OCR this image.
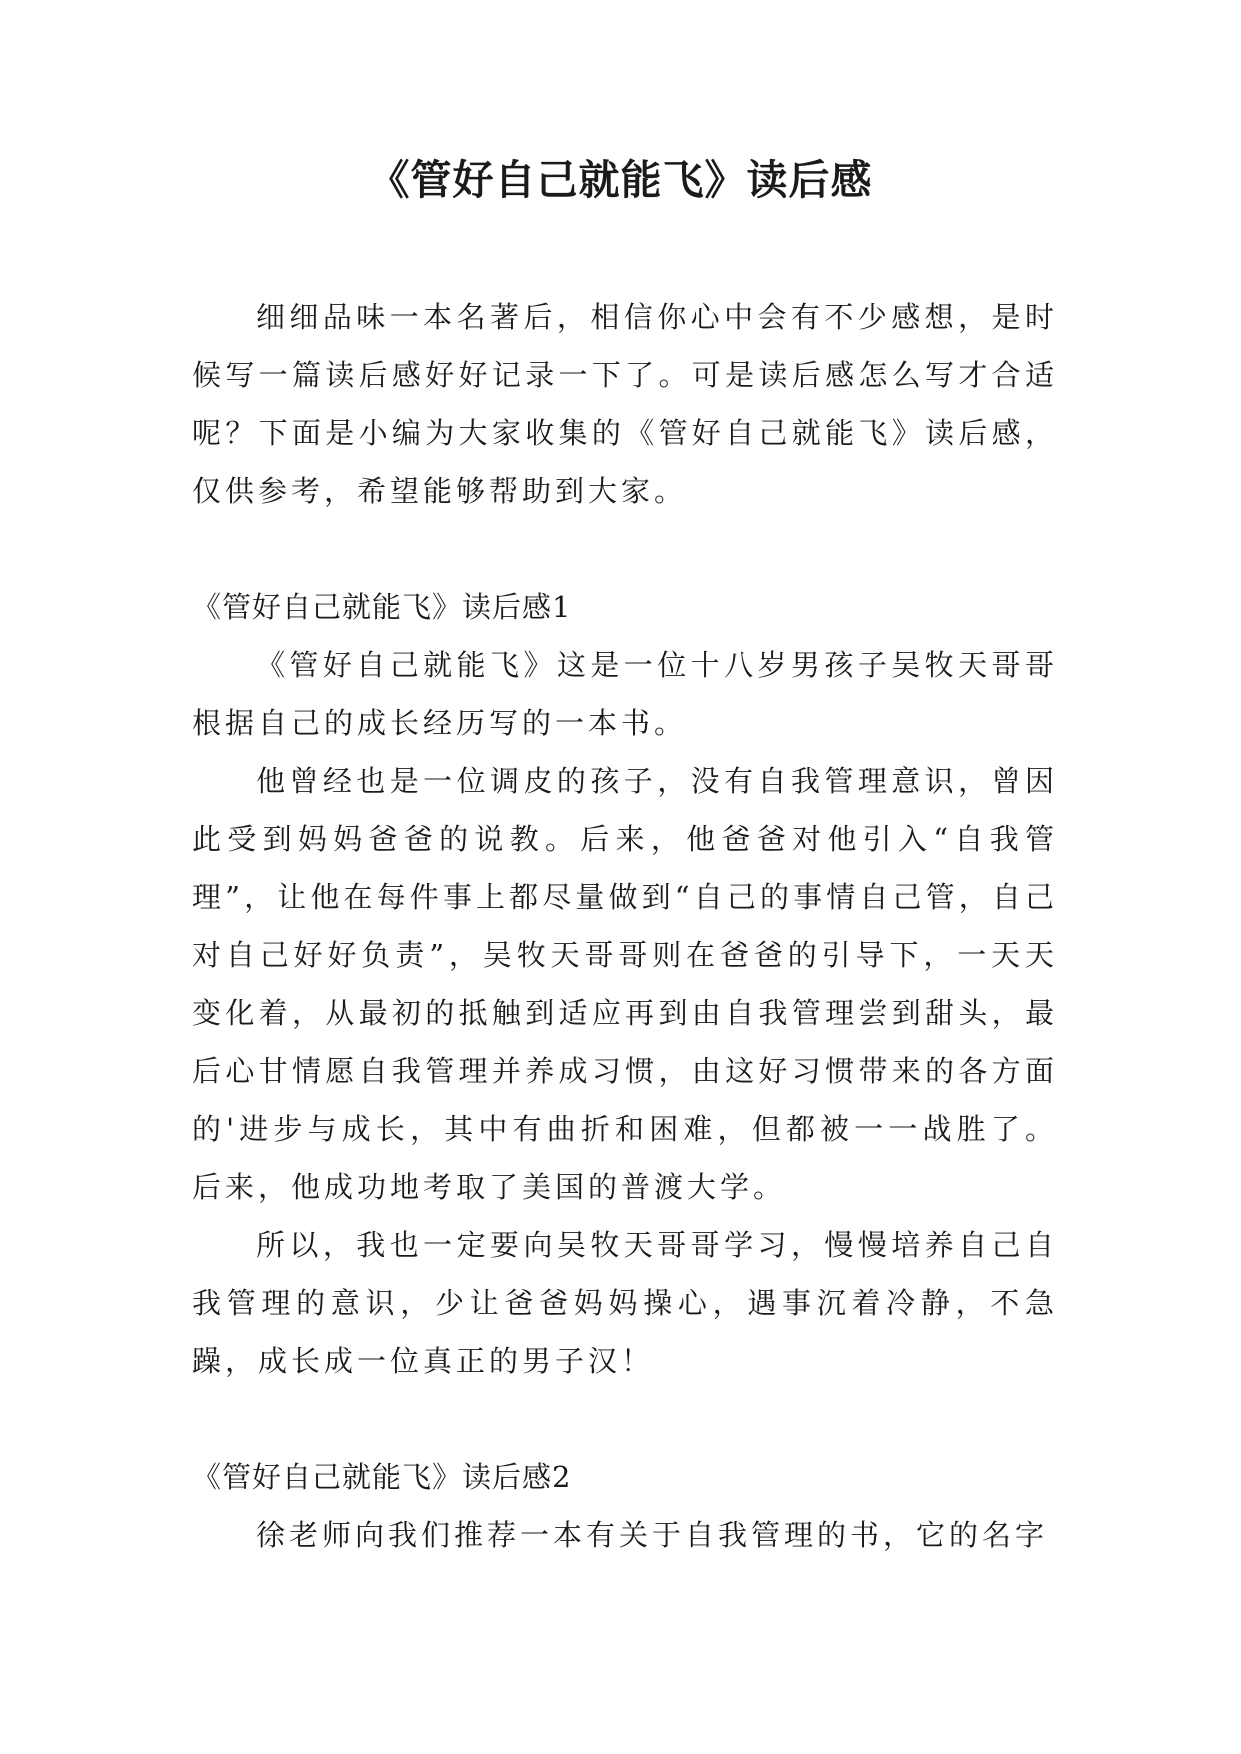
《管好自己就能飞》读后感

细细品味一本名著后，相信你心中会有不少感想，是时候写一篇读后感好好记录一下了。可是读后感怎么写才合适呢？下面是小编为大家收集的《管好自己就能飞》读后感，仅供参考，希望能够帮助到大家。

《管好自己就能飞》读后感1

《管好自己就能飞》这是一位十八岁男孩子吴牧天哥哥根据自己的成长经历写的一本书。

他曾经也是一位调皮的孩子，没有自我管理意识，曾因此受到妈妈爸爸的说教。后来，他爸爸对他引入“自我管理”，让他在每件事上都尽量做到“自己的事情自己管，自己对自己好好负责”，吴牧天哥哥则在爸爸的引导下，一天天变化着，从最初的抵触到适应再到由自我管理尝到甜头，最后心甘情愿自我管理并养成习惯，由这好习惯带来的各方面的'进步与成长，其中有曲折和困难，但都被一一战胜了。后来，他成功地考取了美国的普渡大学。

所以，我也一定要向吴牧天哥哥学习，慢慢培养自己自我管理的意识，少让爸爸妈妈操心，遇事沉着冷静，不急躁，成长成一位真正的男子汉！

《管好自己就能飞》读后感2

徐老师向我们推荐一本有关于自我管理的书，它的名字
